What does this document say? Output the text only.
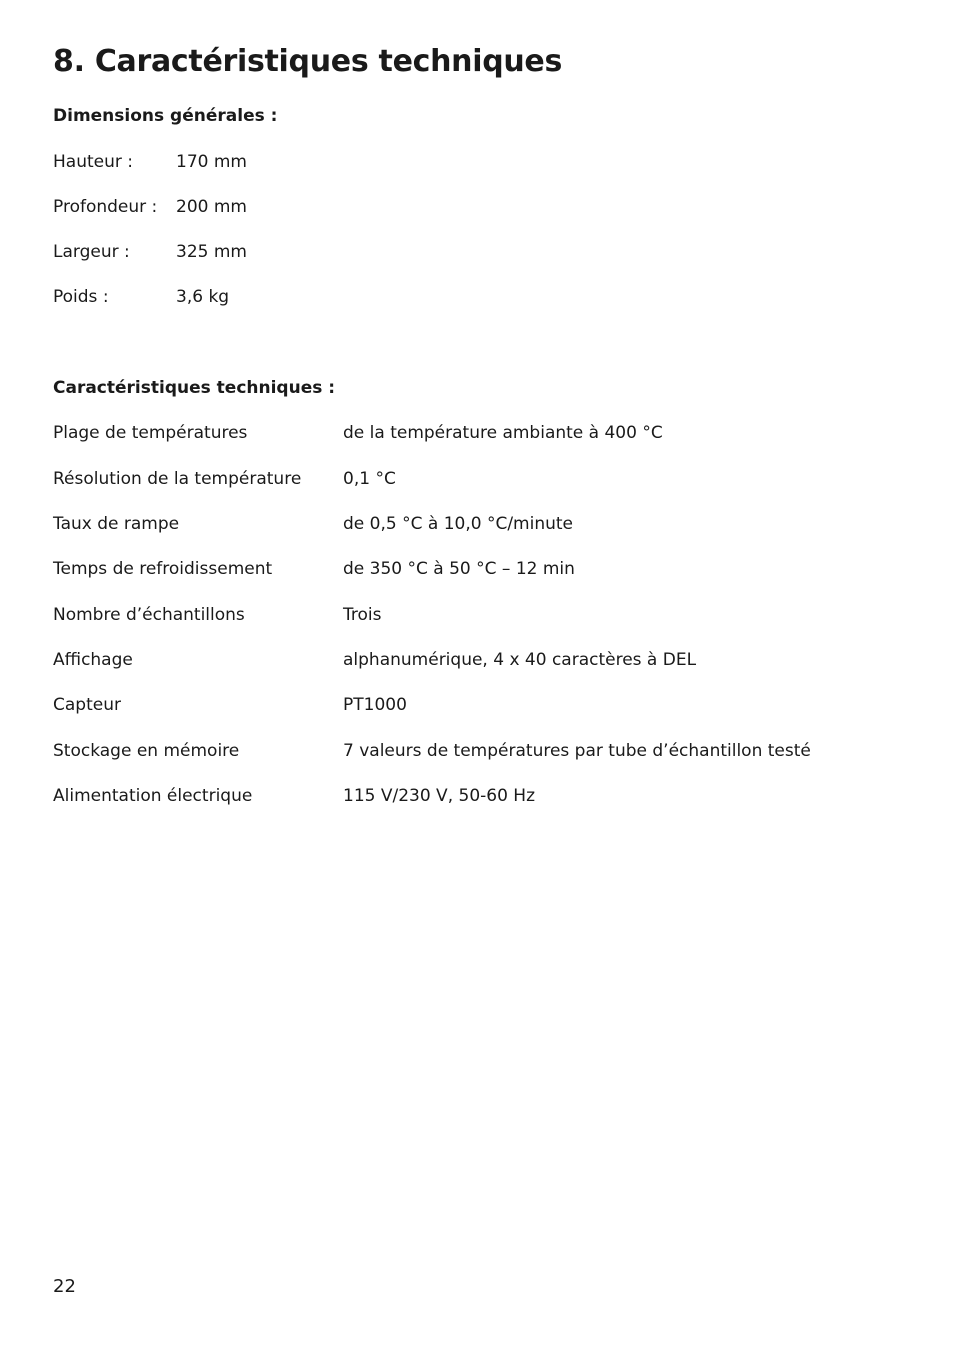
8. Caractéristiques techniques
Dimensions générales :
Hauteur :	170 mm
Profondeur : 200 mm
Largeur :	325 mm
Poids :	3,6 kg
Caractéristiques techniques :
Plage de températures	de la température ambiante à 400 °C
Résolution de la température 0,1 °C
Taux de rampe	de 0,5 °C à 10,0 °C/minute
Temps de refroidissement	de 350 °C à 50 °C – 12 min
Nombre d’échantillons	Trois
Affichage	alphanumérique, 4 x 40 caractères à DEL
Capteur	PT1000
Stockage en mémoire	7 valeurs de températures par tube d’échantillon testé
Alimentation électrique	115 V/230 V, 50-60 Hz
22
